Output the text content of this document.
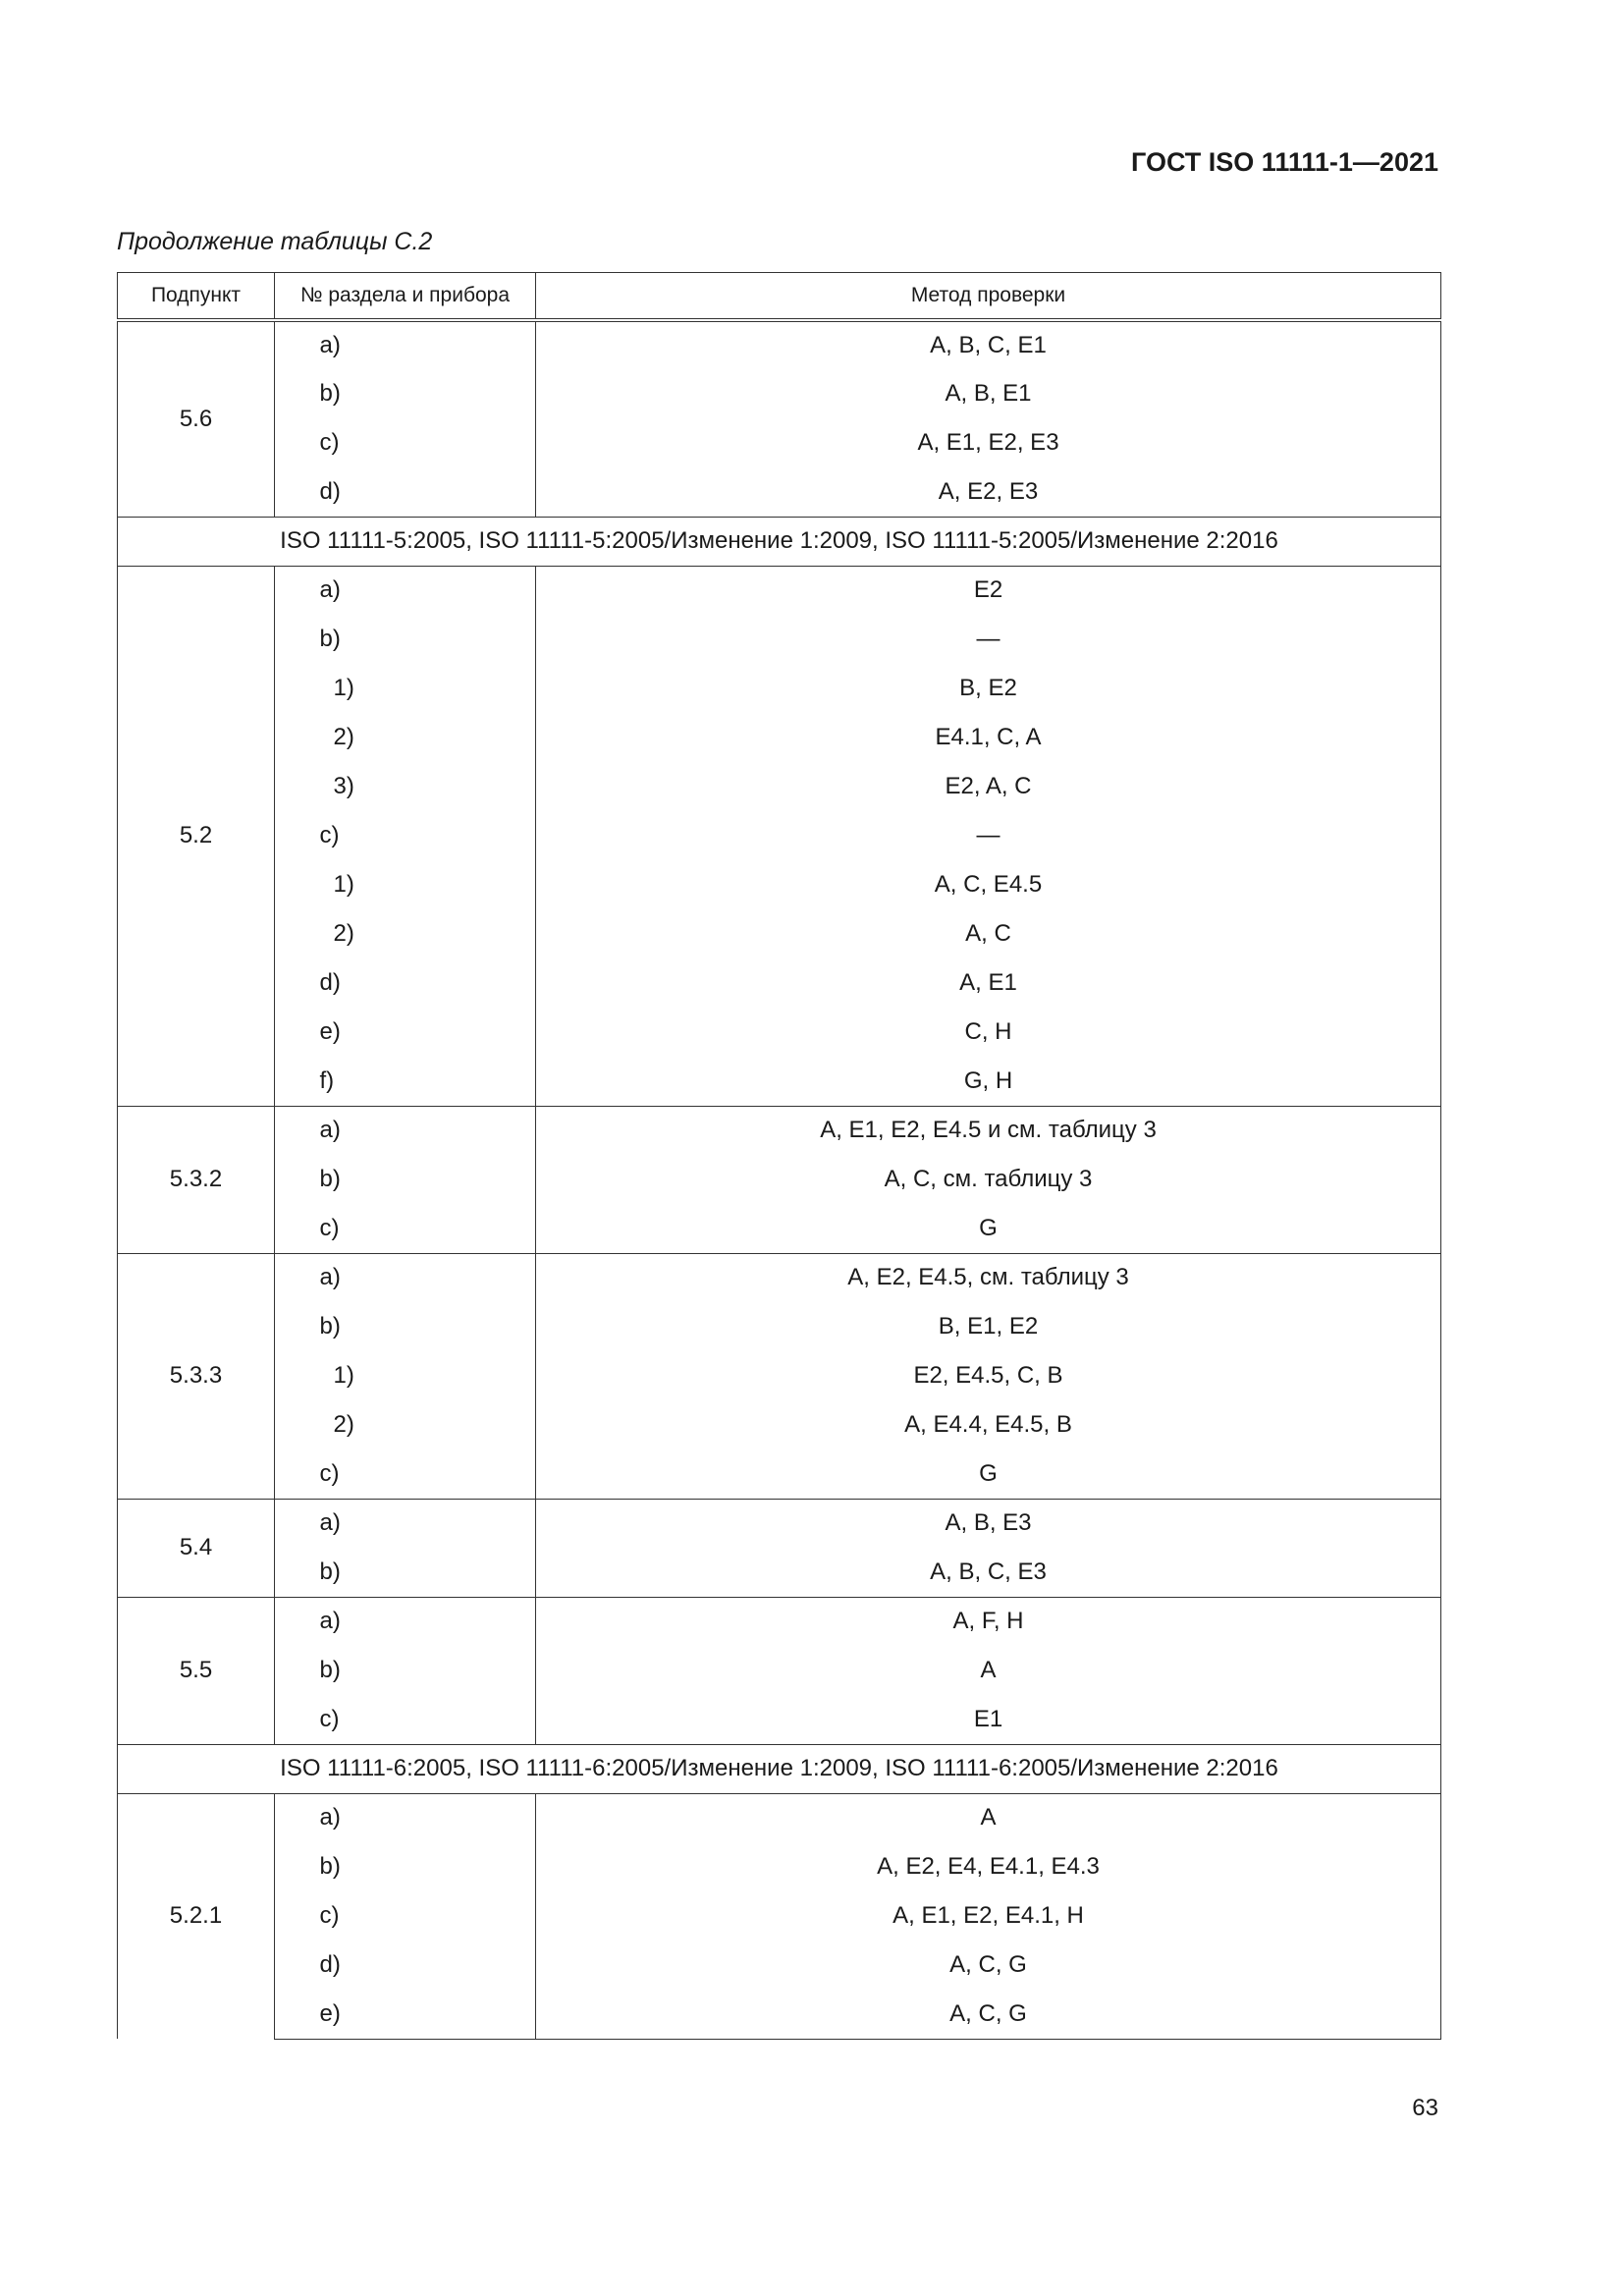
ГОСТ ISO 11111-1—2021
Продолжение таблицы С.2
Подпункт	№ раздела и прибора	Метод проверки
5.6	a)	A, B, C, E1
	b)	A, B, E1
	c)	A, E1, E2, E3
	d)	A, E2, E3
ISO 11111-5:2005, ISO 11111-5:2005/Изменение 1:2009, ISO 11111-5:2005/Изменение 2:2016		
5.2	a)	E2
	b)	—
	1)	B, E2
	2)	E4.1, C, A
	3)	E2, A, C
	c)	—
	1)	A, C, E4.5
	2)	A, C
	d)	A, E1
	e)	C, H
	f)	G, H
5.3.2	a)	A, E1, E2, E4.5 и см. таблицу 3
	b)	A, C, см. таблицу 3
	c)	G
5.3.3	a)	A, E2, E4.5, см. таблицу 3
	b)	B, E1, E2
	1)	E2, E4.5, C, B
	2)	A, E4.4, E4.5, B
	c)	G
5.4	a)	A, B, E3
	b)	A, B, C, E3
5.5	a)	A, F, H
	b)	A
	c)	E1
ISO 11111-6:2005, ISO 11111-6:2005/Изменение 1:2009, ISO 11111-6:2005/Изменение 2:2016		
5.2.1	a)	A
	b)	A, E2, E4, E4.1, E4.3
	c)	A, E1, E2, E4.1, H
	d)	A, C, G
	e)	A, C, G
63
